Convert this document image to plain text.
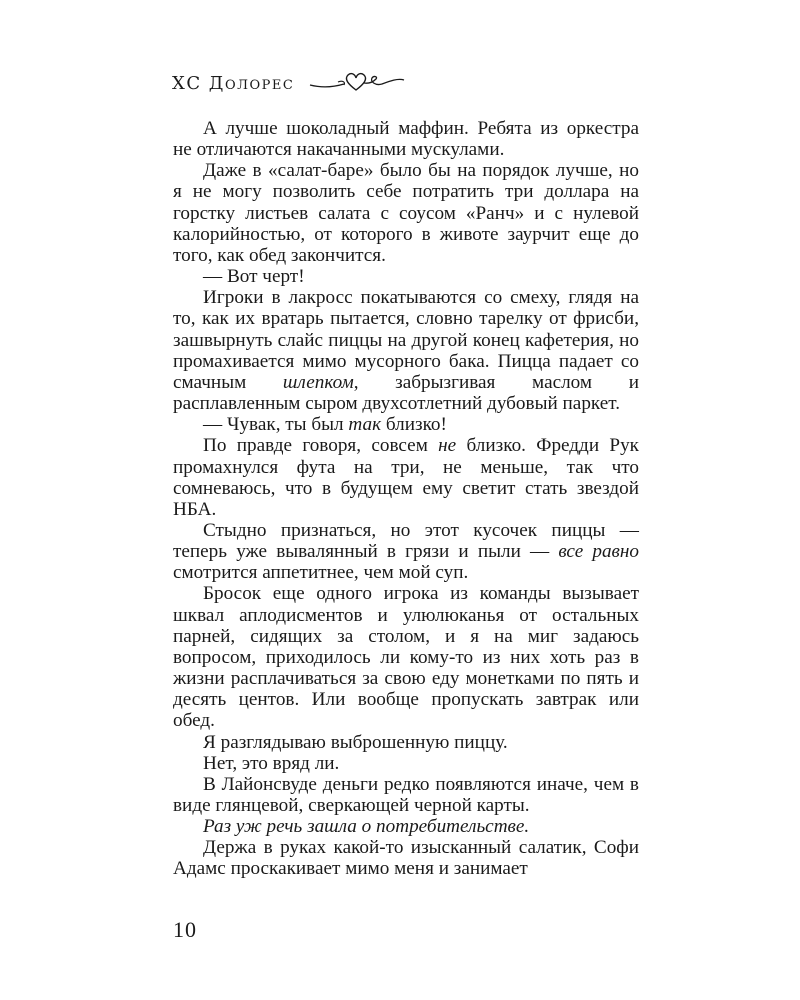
ХС Долорес

А лучше шоколадный маффин. Ребята из оркестра не отличаются накачанными мускулами.

Даже в «салат-баре» было бы на порядок лучше, но я не могу позволить себе потратить три доллара на горстку листьев салата с соусом «Ранч» и с нулевой калорийностью, от которого в животе заурчит еще до того, как обед закончится.

— Вот черт!

Игроки в лакросс покатываются со смеху, глядя на то, как их вратарь пытается, словно тарелку от фрисби, зашвырнуть слайс пиццы на другой конец кафетерия, но промахивается мимо мусорного бака. Пицца падает со смачным шлепком, забрызгивая маслом и расплавленным сыром двухсотлетний дубовый паркет.

— Чувак, ты был так близко!

По правде говоря, совсем не близко. Фредди Рук промахнулся фута на три, не меньше, так что сомневаюсь, что в будущем ему светит стать звездой НБА.

Стыдно признаться, но этот кусочек пиццы — теперь уже вывалянный в грязи и пыли — все равно смотрится аппетитнее, чем мой суп.

Бросок еще одного игрока из команды вызывает шквал аплодисментов и улюлюканья от остальных парней, сидящих за столом, и я на миг задаюсь вопросом, приходилось ли кому-то из них хоть раз в жизни расплачиваться за свою еду монетками по пять и десять центов. Или вообще пропускать завтрак или обед.

Я разглядываю выброшенную пиццу.

Нет, это вряд ли.

В Лайонсвуде деньги редко появляются иначе, чем в виде глянцевой, сверкающей черной карты.

Раз уж речь зашла о потребительстве.

Держа в руках какой-то изысканный салатик, Софи Адамс проскакивает мимо меня и занимает

10
